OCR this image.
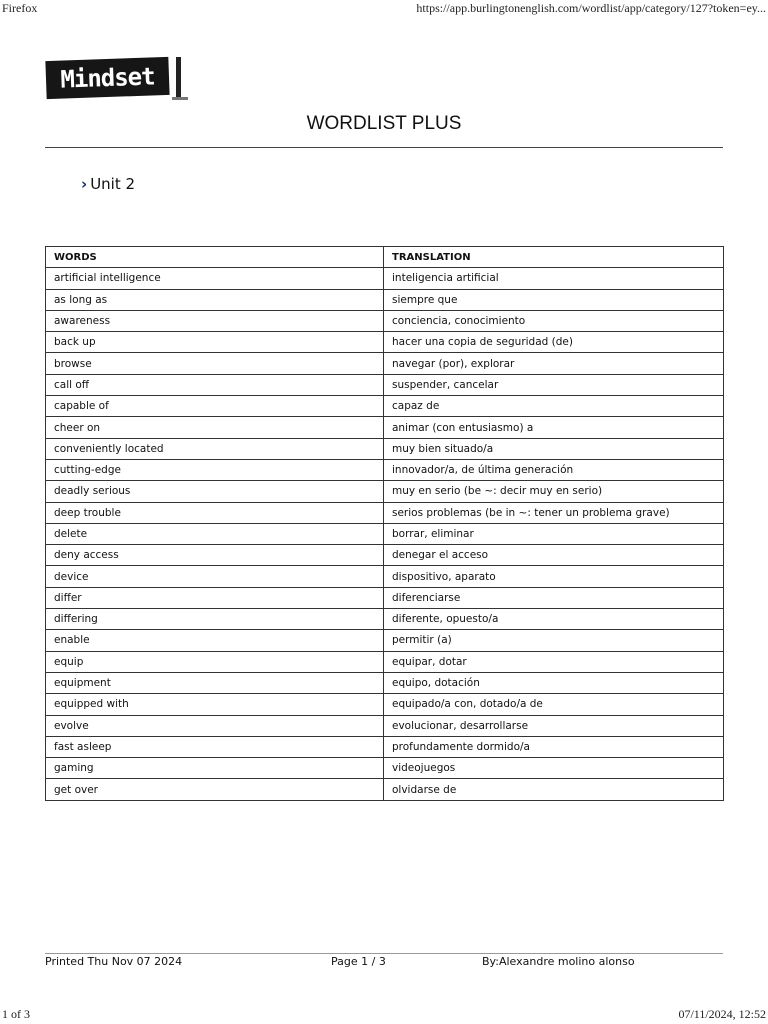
Firefox	https://app.burlingtonenglish.com/wordlist/app/category/127?token=ey...
Mindset
WORDLIST PLUS
› Unit 2
WORDS	TRANSLATION
artificial intelligence	inteligencia artificial
as long as	siempre que
awareness	conciencia, conocimiento
back up	hacer una copia de seguridad (de)
browse	navegar (por), explorar
call off	suspender, cancelar
capable of	capaz de
cheer on	animar (con entusiasmo) a
conveniently located	muy bien situado/a
cutting-edge	innovador/a, de última generación
deadly serious	muy en serio (be ~: decir muy en serio)
deep trouble	serios problemas (be in ~: tener un problema grave)
delete	borrar, eliminar
deny access	denegar el acceso
device	dispositivo, aparato
differ	diferenciarse
differing	diferente, opuesto/a
enable	permitir (a)
equip	equipar, dotar
equipment	equipo, dotación
equipped with	equipado/a con, dotado/a de
evolve	evolucionar, desarrollarse
fast asleep	profundamente dormido/a
gaming	videojuegos
get over	olvidarse de
Printed Thu Nov 07 2024	Page 1 / 3	By:Alexandre molino alonso
1 of 3	07/11/2024, 12:52
